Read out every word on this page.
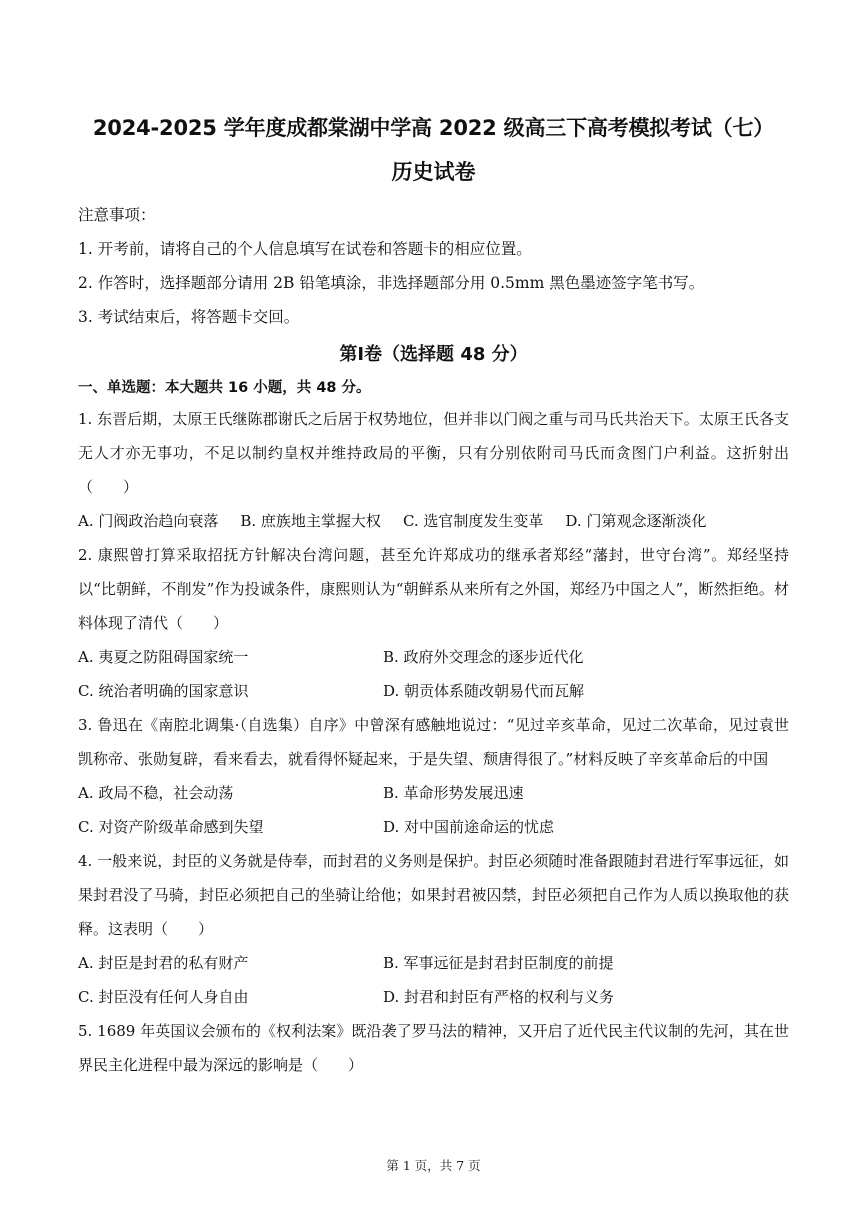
2024-2025 学年度成都棠湖中学高 2022 级高三下高考模拟考试（七）
历史试卷

注意事项：

1. 开考前，请将自己的个人信息填写在试卷和答题卡的相应位置。

2. 作答时，选择题部分请用 2B 铅笔填涂，非选择题部分用 0.5mm 黑色墨迹签字笔书写。

3. 考试结束后，将答题卡交回。

第Ⅰ卷（选择题 48 分）

一、单选题：本大题共 16 小题，共 48 分。

1. 东晋后期，太原王氏继陈郡谢氏之后居于权势地位，但并非以门阀之重与司马氏共治天下。太原王氏各支无人才亦无事功，不足以制约皇权并维持政局的平衡，只有分别依附司马氏而贪图门户利益。这折射出（　　）

A. 门阀政治趋向衰落 B. 庶族地主掌握大权 C. 选官制度发生变革 D. 门第观念逐渐淡化

2. 康熙曾打算采取招抚方针解决台湾问题，甚至允许郑成功的继承者郑经“藩封，世守台湾”。郑经坚持以“比朝鲜，不削发”作为投诚条件，康熙则认为“朝鲜系从来所有之外国，郑经乃中国之人”，断然拒绝。材料体现了清代（　　）

A. 夷夏之防阻碍国家统一	B. 政府外交理念的逐步近代化
C. 统治者明确的国家意识	D. 朝贡体系随改朝易代而瓦解

3. 鲁迅在《南腔北调集·（自选集）自序》中曾深有感触地说过：“见过辛亥革命，见过二次革命，见过袁世凯称帝、张勋复辟，看来看去，就看得怀疑起来，于是失望、颓唐得很了。”材料反映了辛亥革命后的中国

A. 政局不稳，社会动荡	B. 革命形势发展迅速
C. 对资产阶级革命感到失望	D. 对中国前途命运的忧虑

4. 一般来说，封臣的义务就是侍奉，而封君的义务则是保护。封臣必须随时准备跟随封君进行军事远征，如果封君没了马骑，封臣必须把自己的坐骑让给他；如果封君被囚禁，封臣必须把自己作为人质以换取他的获释。这表明（　　）

A. 封臣是封君的私有财产	B. 军事远征是封君封臣制度的前提
C. 封臣没有任何人身自由	D. 封君和封臣有严格的权利与义务

5. 1689 年英国议会颁布的《权利法案》既沿袭了罗马法的精神，又开启了近代民主代议制的先河，其在世界民主化进程中最为深远的影响是（　　）

第 1 页，共 7 页
